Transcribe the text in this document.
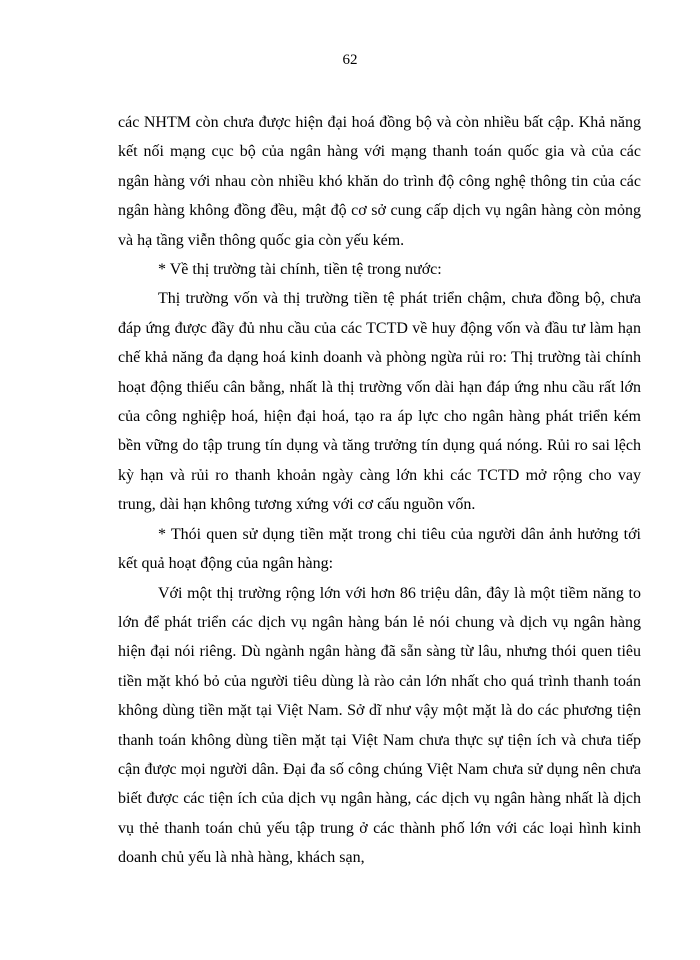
62

các NHTM còn chưa được hiện đại hoá đồng bộ và còn nhiều bất cập. Khả năng kết nối mạng cục bộ của ngân hàng với mạng thanh toán quốc gia và của các ngân hàng với nhau còn nhiều khó khăn do trình độ công nghệ thông tin của các ngân hàng không đồng đều, mật độ cơ sở cung cấp dịch vụ ngân hàng còn mỏng và hạ tầng viễn thông quốc gia còn yếu kém.

* Về thị trường tài chính, tiền tệ trong nước:

Thị trường vốn và thị trường tiền tệ phát triển chậm, chưa đồng bộ, chưa đáp ứng được đầy đủ nhu cầu của các TCTD về huy động vốn và đầu tư làm hạn chế khả năng đa dạng hoá kinh doanh và phòng ngừa rủi ro: Thị trường tài chính hoạt động thiếu cân bằng, nhất là thị trường vốn dài hạn đáp ứng nhu cầu rất lớn của công nghiệp hoá, hiện đại hoá, tạo ra áp lực cho ngân hàng phát triển kém bền vững do tập trung tín dụng và tăng trưởng tín dụng quá nóng. Rủi ro sai lệch kỳ hạn và rủi ro thanh khoản ngày càng lớn khi các TCTD mở rộng cho vay trung, dài hạn không tương xứng với cơ cấu nguồn vốn.

* Thói quen sử dụng tiền mặt trong chi tiêu của người dân ảnh hưởng tới kết quả hoạt động của ngân hàng:

Với một thị trường rộng lớn với hơn 86 triệu dân, đây là một tiềm năng to lớn để phát triển các dịch vụ ngân hàng bán lẻ nói chung và dịch vụ ngân hàng hiện đại nói riêng. Dù ngành ngân hàng đã sẵn sàng từ lâu, nhưng thói quen tiêu tiền mặt khó bỏ của người tiêu dùng là rào cản lớn nhất cho quá trình thanh toán không dùng tiền mặt tại Việt Nam. Sở dĩ như vậy một mặt là do các phương tiện thanh toán không dùng tiền mặt tại Việt Nam chưa thực sự tiện ích và chưa tiếp cận được mọi người dân. Đại đa số công chúng Việt Nam chưa sử dụng nên chưa biết được các tiện ích của dịch vụ ngân hàng, các dịch vụ ngân hàng nhất là dịch vụ thẻ thanh toán chủ yếu tập trung ở các thành phố lớn với các loại hình kinh doanh chủ yếu là nhà hàng, khách sạn,
